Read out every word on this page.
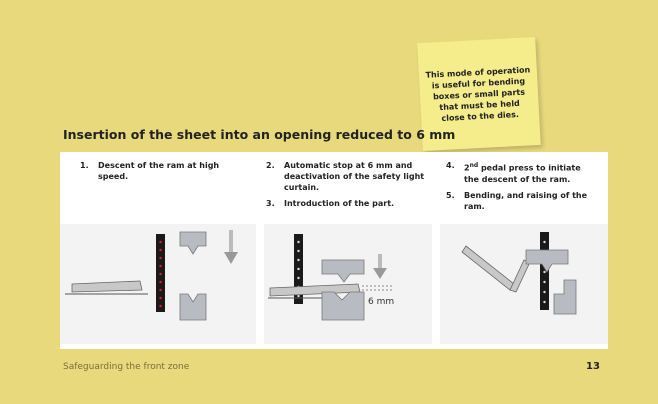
This mode of operation is useful for bending boxes or small parts that must be held close to the dies.
Insertion of the sheet into an opening reduced to 6 mm
1.	Descent of the ram at high speed.
2.	Automatic stop at 6 mm and deactivation of the safety light curtain.
3.	Introduction of the part.
4.	2nd pedal press to initiate the descent of the ram.
5.	Bending, and raising of the ram.
6 mm
Safeguarding the front zone	13
